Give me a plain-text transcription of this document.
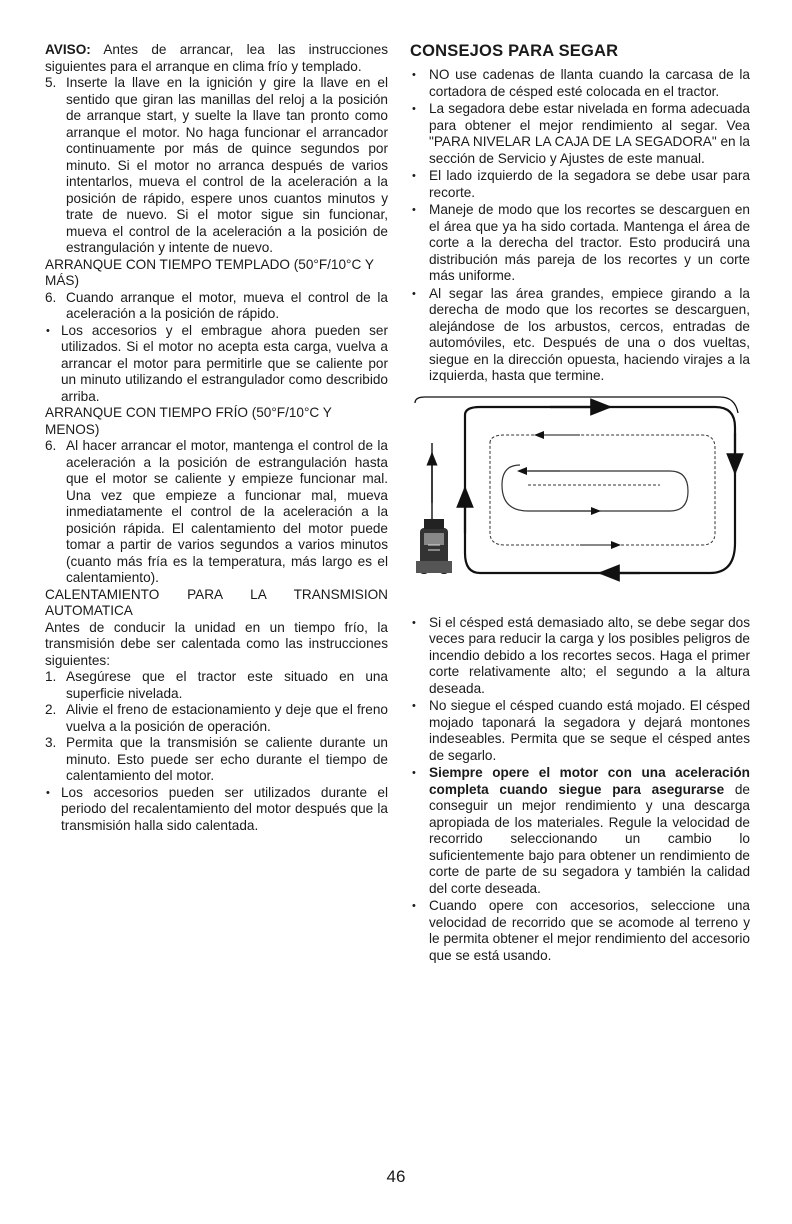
AVISO: Antes de arrancar, lea las instrucciones siguientes para el arranque en clima frío y templado.

5. Inserte la llave en la ignición y gire la llave en el sentido que giran las manillas del reloj a la posición de arranque start, y suelte la llave tan pronto como arranque el motor. No haga funcionar el arrancador continuamente por más de quince segundos por minuto. Si el motor no arranca después de varios intentarlos, mueva el control de la aceleración a la posición de rápido, espere unos cuantos minutos y trate de nuevo. Si el motor sigue sin funcionar, mueva el control de la aceleración a la posición de estrangulación y intente de nuevo.

ARRANQUE CON TIEMPO TEMPLADO (50°F/10°C Y MÁS)

6. Cuando arranque el motor, mueva el control de la aceleración a la posición de rápido.
• Los accesorios y el embrague ahora pueden ser utilizados. Si el motor no acepta esta carga, vuelva a arrancar el motor para permitirle que se caliente por un minuto utilizando el estrangulador como describido arriba.

ARRANQUE CON TIEMPO FRÍO (50°F/10°C Y MENOS)

6. Al hacer arrancar el motor, mantenga el control de la aceleración a la posición de estrangulación hasta que el motor se caliente y empieze funcionar mal. Una vez que empieze a funcionar mal, mueva inmediatamente el control de la aceleración a la posición rápida. El calentamiento del motor puede tomar a partir de varios segundos a varios minutos (cuanto más fría es la temperatura, más largo es el calentamiento).

CALENTAMIENTO PARA LA TRANSMISION AUTOMATICA

Antes de conducir la unidad en un tiempo frío, la transmisión debe ser calentada como las instrucciones siguientes:

1. Asegúrese que el tractor este situado en una superficie nivelada.
2. Alivie el freno de estacionamiento y deje que el freno vuelva a la posición de operación.
3. Permita que la transmisión se caliente durante un minuto. Esto puede ser echo durante el tiempo de calentamiento del motor.
• Los accesorios pueden ser utilizados durante el periodo del recalentamiento del motor después que la transmisión halla sido calentada.

CONSEJOS PARA SEGAR

• NO use cadenas de llanta cuando la carcasa de la cortadora de césped esté colocada en el tractor.
• La segadora debe estar nivelada en forma adecuada para obtener el mejor rendimiento al segar. Vea "PARA NIVELAR LA CAJA DE LA SEGADORA" en la sección de Servicio y Ajustes de este manual.
• El lado izquierdo de la segadora se debe usar para recorte.
• Maneje de modo que los recortes se descarguen en el área que ya ha sido cortada. Mantenga el área de corte a la derecha del tractor. Esto producirá una distribución más pareja de los recortes y un corte más uniforme.
• Al segar las área grandes, empiece girando a la derecha de modo que los recortes se descarguen, alejándose de los arbustos, cercos, entradas de automóviles, etc. Después de una o dos vueltas, siegue en la dirección opuesta, haciendo virajes a la izquierda, hasta que termine.
• Si el césped está demasiado alto, se debe segar dos veces para reducir la carga y los posibles peligros de incendio debido a los recortes secos. Haga el primer corte relativamente alto; el segundo a la altura deseada.
• No siegue el césped cuando está mojado. El césped mojado taponará la segadora y dejará montones indeseables. Permita que se seque el césped antes de segarlo.
• Siempre opere el motor con una aceleración completa cuando siegue para asegurarse de conseguir un mejor rendimiento y una descarga apropiada de los materiales. Regule la velocidad de recorrido seleccionando un cambio lo suficientemente bajo para obtener un rendimiento de corte de parte de su segadora y también la calidad del corte deseada.
• Cuando opere con accesorios, seleccione una velocidad de recorrido que se acomode al terreno y le permita obtener el mejor rendimiento del accesorio que se está usando.
46
